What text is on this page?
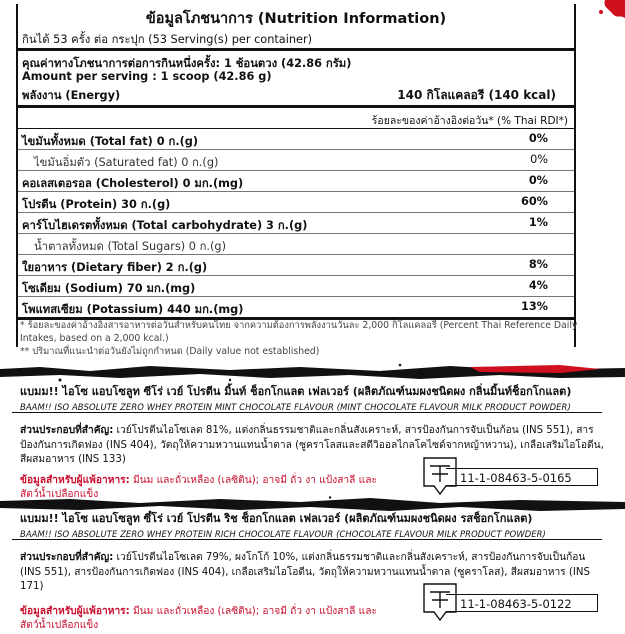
ข้อมูลโภชนาการ (Nutrition Information)
กินได้ 53 ครั้ง ต่อ กระปุก (53 Serving(s) per container)
คุณค่าทางโภชนาการต่อการกินหนึ่งครั้ง: 1 ช้อนตวง (42.86 กรัม)
Amount per serving : 1 scoop (42.86 g)
พลังงาน (Energy)	140 กิโลแคลอรี (140 kcal)
ร้อยละของค่าอ้างอิงต่อวัน* (% Thai RDI*)
ไขมันทั้งหมด (Total fat) 0 ก.(g)	0%
ไขมันอิ่มตัว (Saturated fat) 0 ก.(g)	0%
คอเลสเตอรอล (Cholesterol) 0 มก.(mg)	0%
โปรตีน (Protein) 30 ก.(g)	60%
คาร์โบไฮเดรตทั้งหมด (Total carbohydrate) 3 ก.(g)	1%
น้ำตาลทั้งหมด (Total Sugars) 0 ก.(g)
ใยอาหาร (Dietary fiber) 2 ก.(g)	8%
โซเดียม (Sodium) 70 มก.(mg)	4%
โพแทสเซียม (Potassium) 440 มก.(mg)	13%
* ร้อยละของค่าอ้างอิงสารอาหารต่อวันสำหรับคนไทย จากความต้องการพลังงานวันละ 2,000 กิโลแคลอรี (Percent Thai Reference Daily Intakes, based on a 2,000 kcal.)
** ปริมาณที่แนะนำต่อวันยังไม่ถูกกำหนด (Daily value not established)
แบมม!! ไอโซ แอบโซลูท ซีโร่ เวย์ โปรตีน มิ้นท์ ช็อกโกแลต เฟลเวอร์ (ผลิตภัณฑ์นมผงชนิดผง กลิ่นมิ้นท์ช็อกโกแลต)
BAAM!! ISO ABSOLUTE ZERO WHEY PROTEIN MINT CHOCOLATE FLAVOUR (MINT CHOCOLATE FLAVOUR MILK PRODUCT POWDER)
ส่วนประกอบที่สำคัญ: เวย์โปรตีนไอโซเลต 81%, แต่งกลิ่นธรรมชาติและกลิ่นสังเคราะห์, สารป้องกันการจับเป็นก้อน (INS 551), สารป้องกันการเกิดฟอง (INS 404), วัตถุให้ความหวานแทนน้ำตาล (ซูคราโลสและสตีวิออลไกลโคไซด์จากหญ้าหวาน), เกลือเสริมไอโอดีน, สีผสมอาหาร (INS 133)
ข้อมูลสำหรับผู้แพ้อาหาร: มีนม และถั่วเหลือง (เลซิติน); อาจมี ถั่ว งา แป้งสาลี และสัตว์น้ำเปลือกแข็ง
11-1-08463-5-0165
แบมม!! ไอโซ แอบโซลูท ซีโร่ เวย์ โปรตีน ริช ช็อกโกแลต เฟลเวอร์ (ผลิตภัณฑ์นมผงชนิดผง รสช็อกโกแลต)
BAAM!! ISO ABSOLUTE ZERO WHEY PROTEIN RICH CHOCOLATE FLAVOUR (CHOCOLATE FLAVOUR MILK PRODUCT POWDER)
ส่วนประกอบที่สำคัญ: เวย์โปรตีนไอโซเลต 79%, ผงโกโก้ 10%, แต่งกลิ่นธรรมชาติและกลิ่นสังเคราะห์, สารป้องกันการจับเป็นก้อน (INS 551), สารป้องกันการเกิดฟอง (INS 404), เกลือเสริมไอโอดีน, วัตถุให้ความหวานแทนน้ำตาล (ซูคราโลส), สีผสมอาหาร (INS 171)
ข้อมูลสำหรับผู้แพ้อาหาร: มีนม และถั่วเหลือง (เลซิติน); อาจมี ถั่ว งา แป้งสาลี และสัตว์น้ำเปลือกแข็ง
11-1-08463-5-0122
